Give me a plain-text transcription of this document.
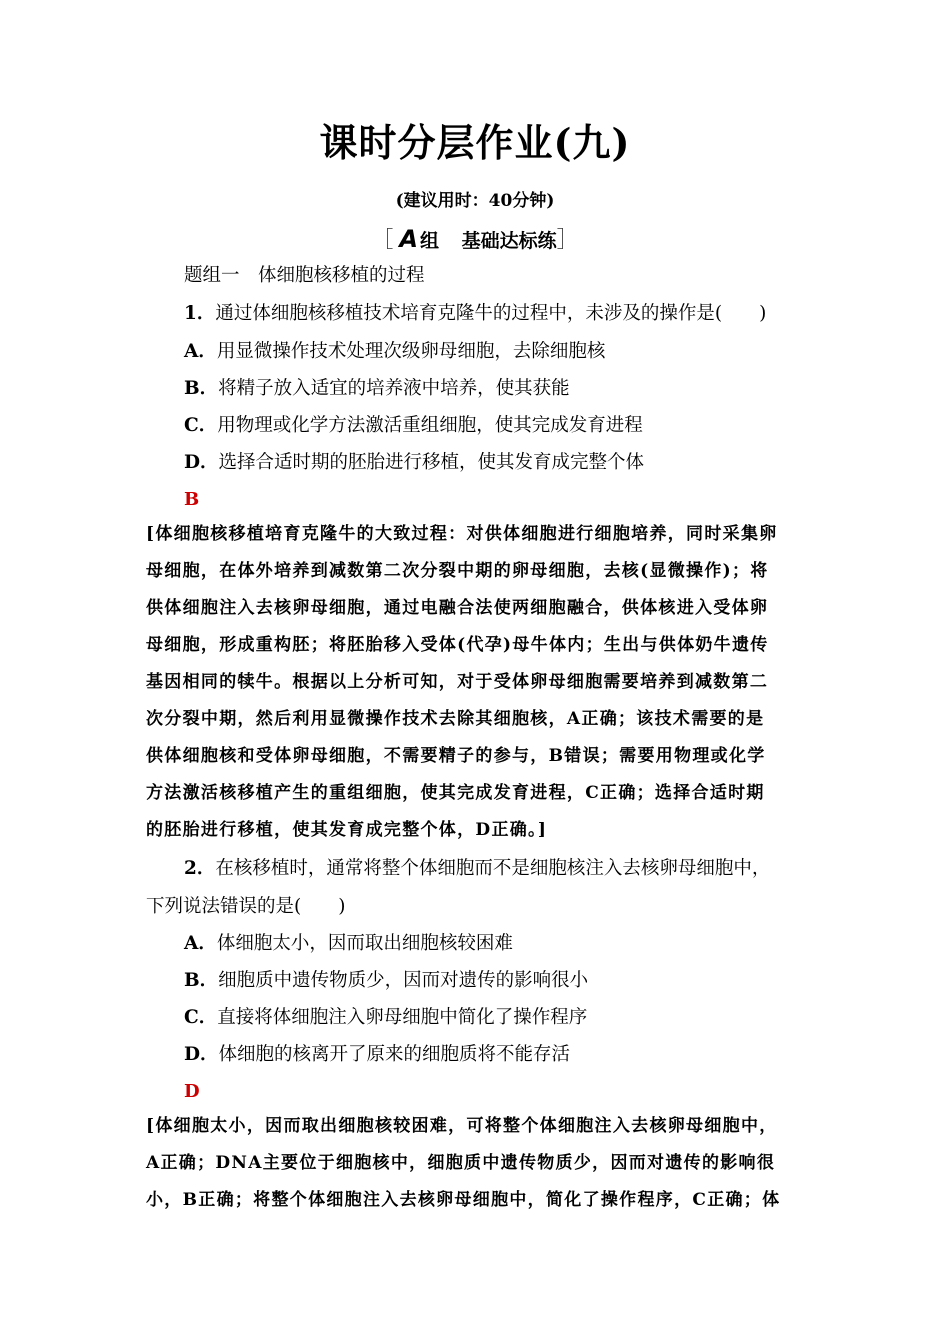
课时分层作业(九)
(建议用时：40分钟)
［ A 组 基础达标练］
题组一　体细胞核移植的过程
1．通过体细胞核移植技术培育克隆牛的过程中，未涉及的操作是(　　)
A．用显微操作技术处理次级卵母细胞，去除细胞核
B．将精子放入适宜的培养液中培养，使其获能
C．用物理或化学方法激活重组细胞，使其完成发育进程
D．选择合适时期的胚胎进行移植，使其发育成完整个体
B
[体细胞核移植培育克隆牛的大致过程：对供体细胞进行细胞培养，同时采集卵
母细胞，在体外培养到减数第二次分裂中期的卵母细胞，去核(显微操作)；将
供体细胞注入去核卵母细胞，通过电融合法使两细胞融合，供体核进入受体卵
母细胞，形成重构胚；将胚胎移入受体(代孕)母牛体内；生出与供体奶牛遗传
基因相同的犊牛。根据以上分析可知，对于受体卵母细胞需要培养到减数第二
次分裂中期，然后利用显微操作技术去除其细胞核，A正确；该技术需要的是
供体细胞核和受体卵母细胞，不需要精子的参与，B错误；需要用物理或化学
方法激活核移植产生的重组细胞，使其完成发育进程，C正确；选择合适时期
的胚胎进行移植，使其发育成完整个体，D正确。]
2．在核移植时，通常将整个体细胞而不是细胞核注入去核卵母细胞中，
下列说法错误的是(　　)
A．体细胞太小，因而取出细胞核较困难
B．细胞质中遗传物质少，因而对遗传的影响很小
C．直接将体细胞注入卵母细胞中简化了操作程序
D．体细胞的核离开了原来的细胞质将不能存活
D
[体细胞太小，因而取出细胞核较困难，可将整个体细胞注入去核卵母细胞中，
A正确；DNA主要位于细胞核中，细胞质中遗传物质少，因而对遗传的影响很
小，B正确；将整个体细胞注入去核卵母细胞中，简化了操作程序，C正确；体
